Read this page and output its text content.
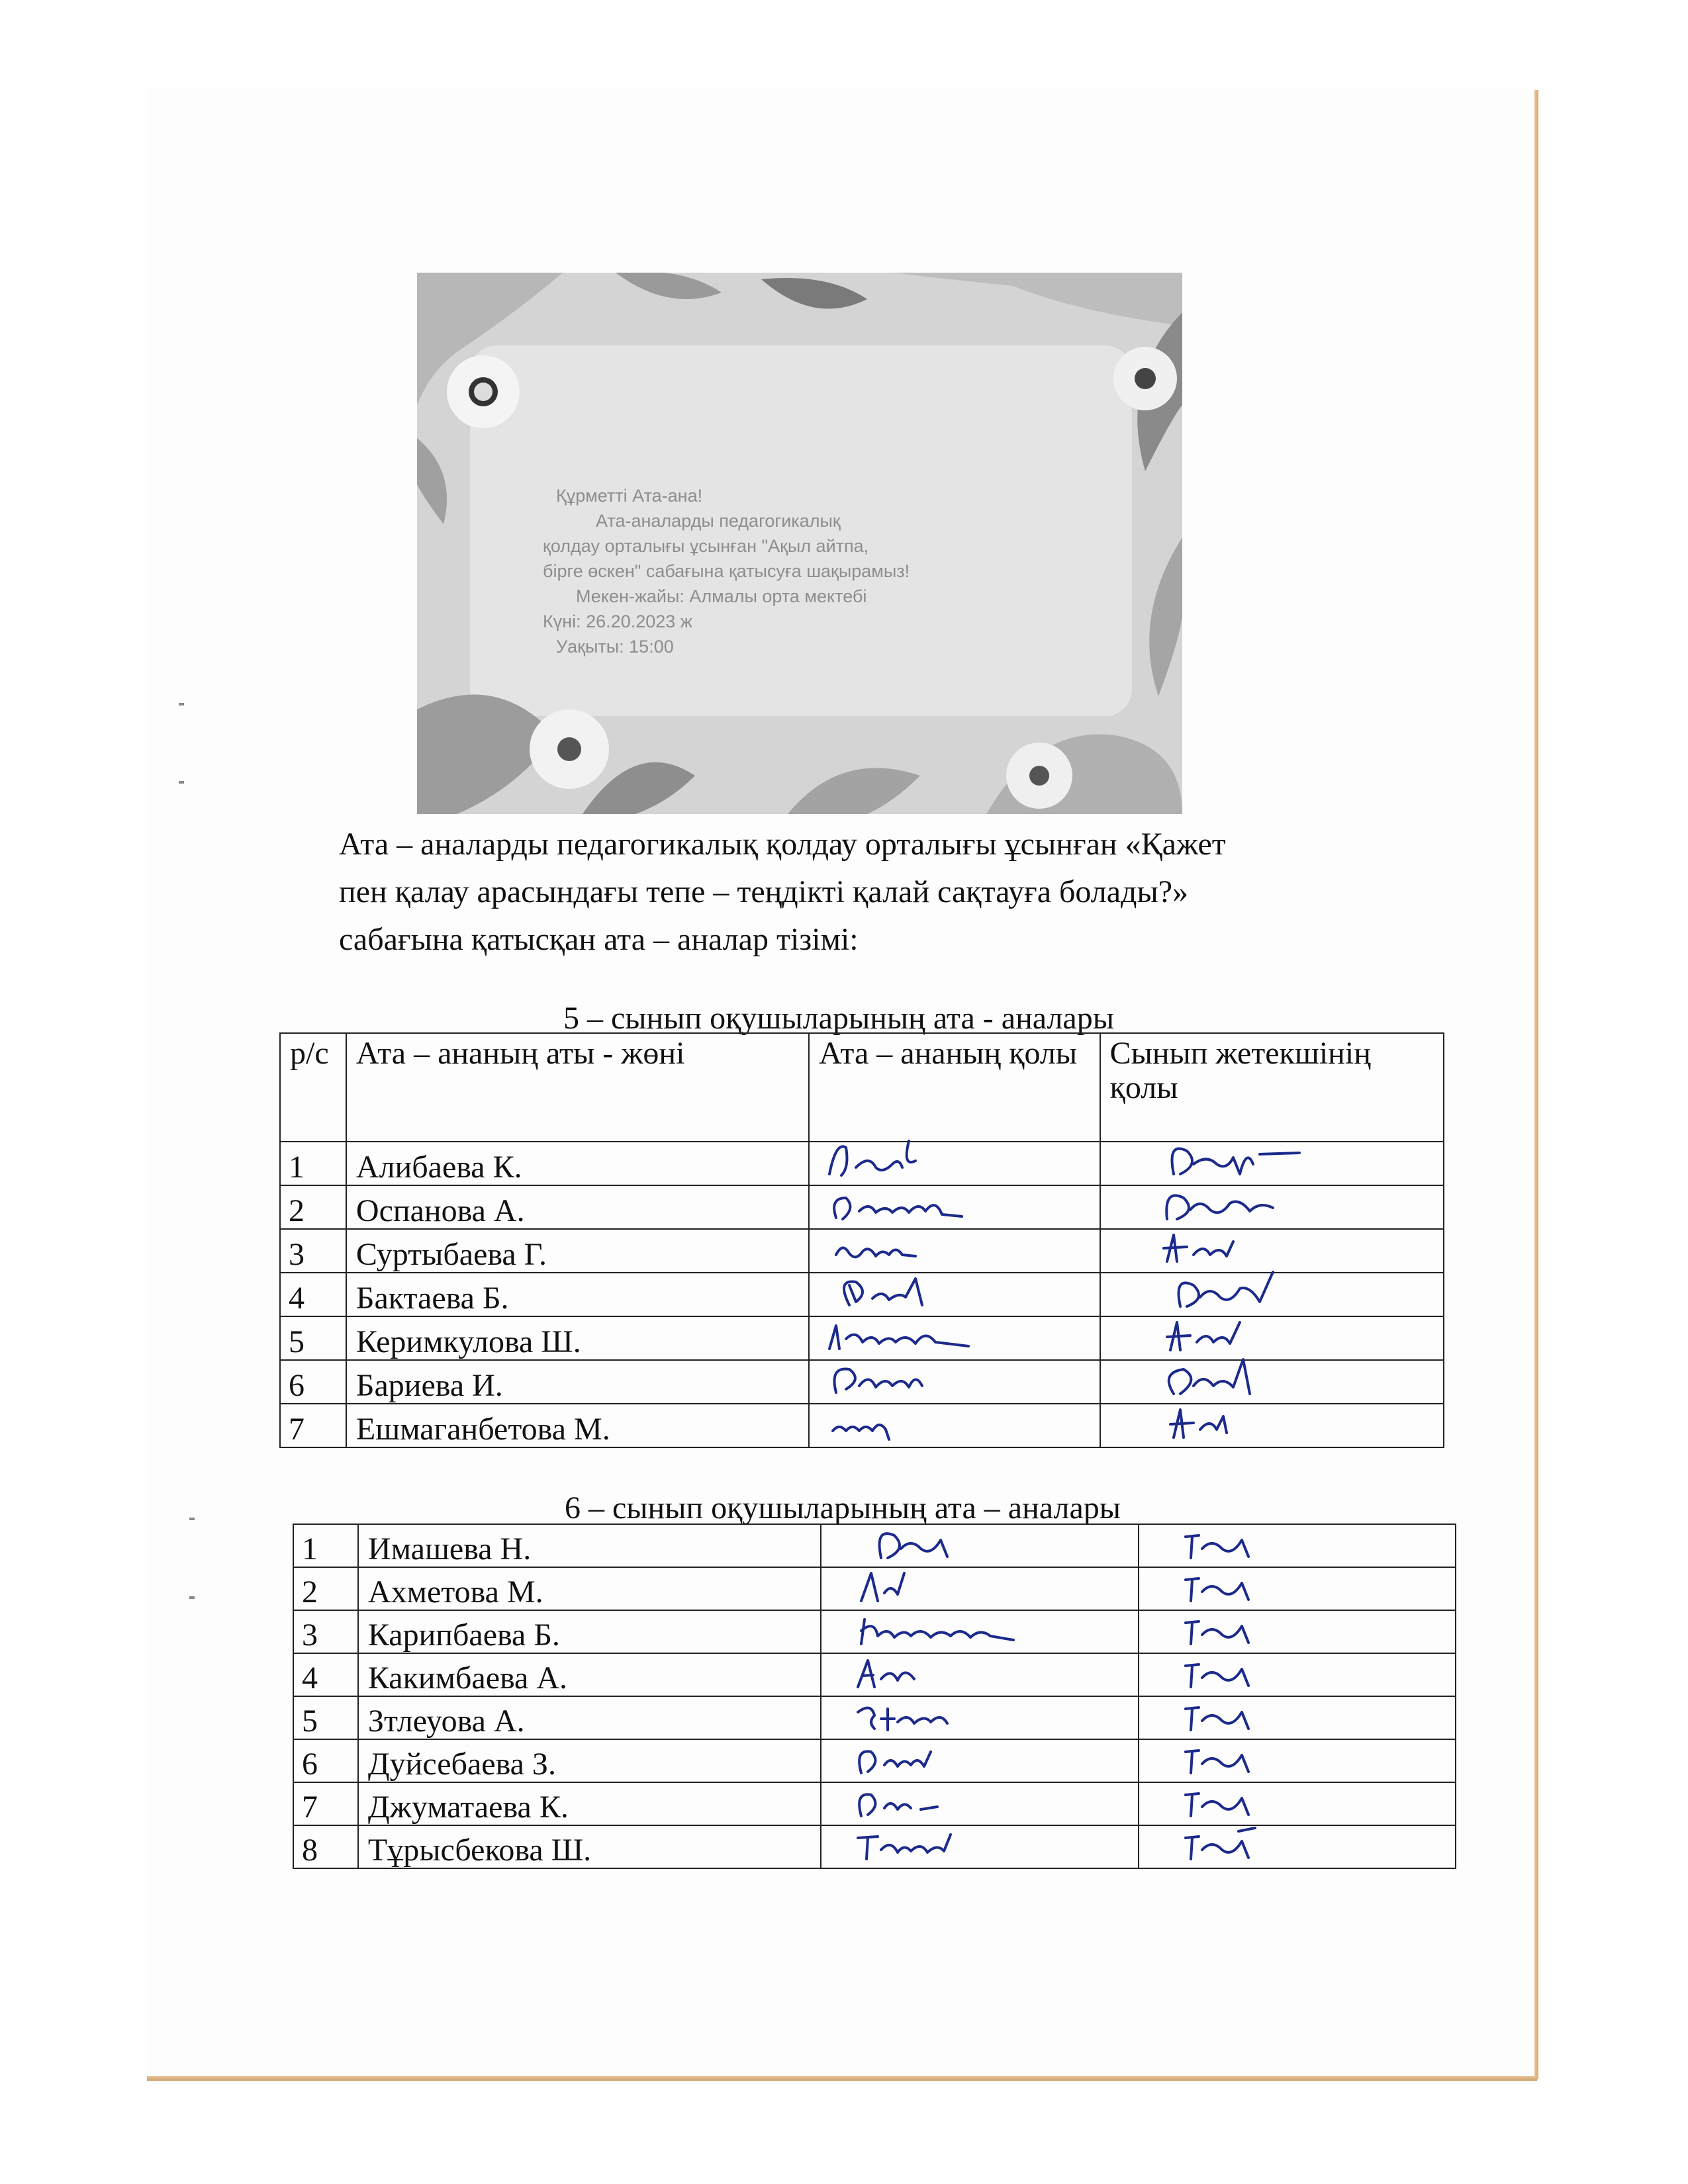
Құрметті Ата-ана!
Ата-аналарды педагогикалық
қолдау орталығы ұсынған "Ақыл айтпа,
бірге өскен" сабағына қатысуға шақырамыз!
Мекен-жайы: Алмалы орта мектебі
Күні: 26.20.2023 ж
Уақыты: 15:00
Ата – аналарды педагогикалық қолдау орталығы ұсынған «Қажет
пен қалау арасындағы тепе – теңдікті қалай сақтауға болады?»
сабағына қатысқан ата – аналар тізімі:
5 – сынып оқушыларының ата - аналары
р/с	Ата – ананың аты - жөні	Ата – ананың қолы	Сынып жетекшінің қолы
1	Алибаева К.	

2	Оспанова А.	

3	Суртыбаева Г.	

4	Бактаева Б.	

5	Керимкулова Ш.	

6	Бариева И.	

7	Ешмаганбетова М.	

6 – сынып оқушыларының ата – аналары
1	Имашева Н.	

2	Ахметова М.	

3	Карипбаева Б.	

4	Какимбаева А.	

5	Зтлеуова А.	

6	Дуйсебаева З.	

7	Джуматаева К.	

8	Тұрысбекова Ш.	
